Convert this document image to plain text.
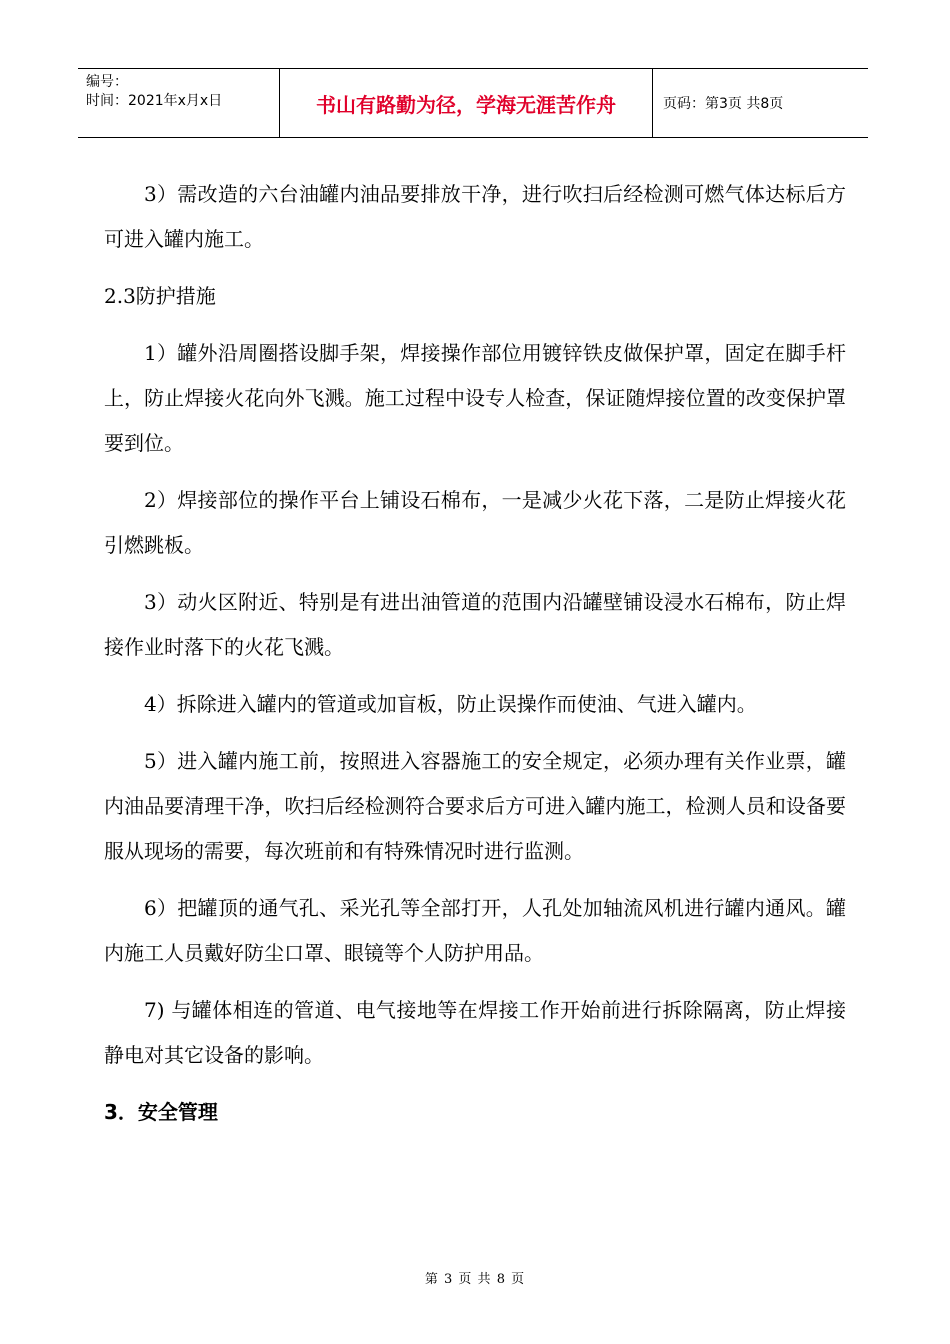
编号：
时间：2021年x月x日	书山有路勤为径，学海无涯苦作舟	页码：第3页 共8页

3）需改造的六台油罐内油品要排放干净，进行吹扫后经检测可燃气体达标后方可进入罐内施工。

2.3防护措施

1）罐外沿周圈搭设脚手架，焊接操作部位用镀锌铁皮做保护罩，固定在脚手杆上，防止焊接火花向外飞溅。施工过程中设专人检查，保证随焊接位置的改变保护罩要到位。

2）焊接部位的操作平台上铺设石棉布，一是减少火花下落，二是防止焊接火花引燃跳板。

3）动火区附近、特别是有进出油管道的范围内沿罐壁铺设浸水石棉布，防止焊接作业时落下的火花飞溅。

4）拆除进入罐内的管道或加盲板，防止误操作而使油、气进入罐内。

5）进入罐内施工前，按照进入容器施工的安全规定，必须办理有关作业票，罐内油品要清理干净，吹扫后经检测符合要求后方可进入罐内施工，检测人员和设备要服从现场的需要，每次班前和有特殊情况时进行监测。

6）把罐顶的通气孔、采光孔等全部打开，人孔处加轴流风机进行罐内通风。罐内施工人员戴好防尘口罩、眼镜等个人防护用品。

7) 与罐体相连的管道、电气接地等在焊接工作开始前进行拆除隔离，防止焊接静电对其它设备的影响。

3．安全管理

第 3 页 共 8 页
